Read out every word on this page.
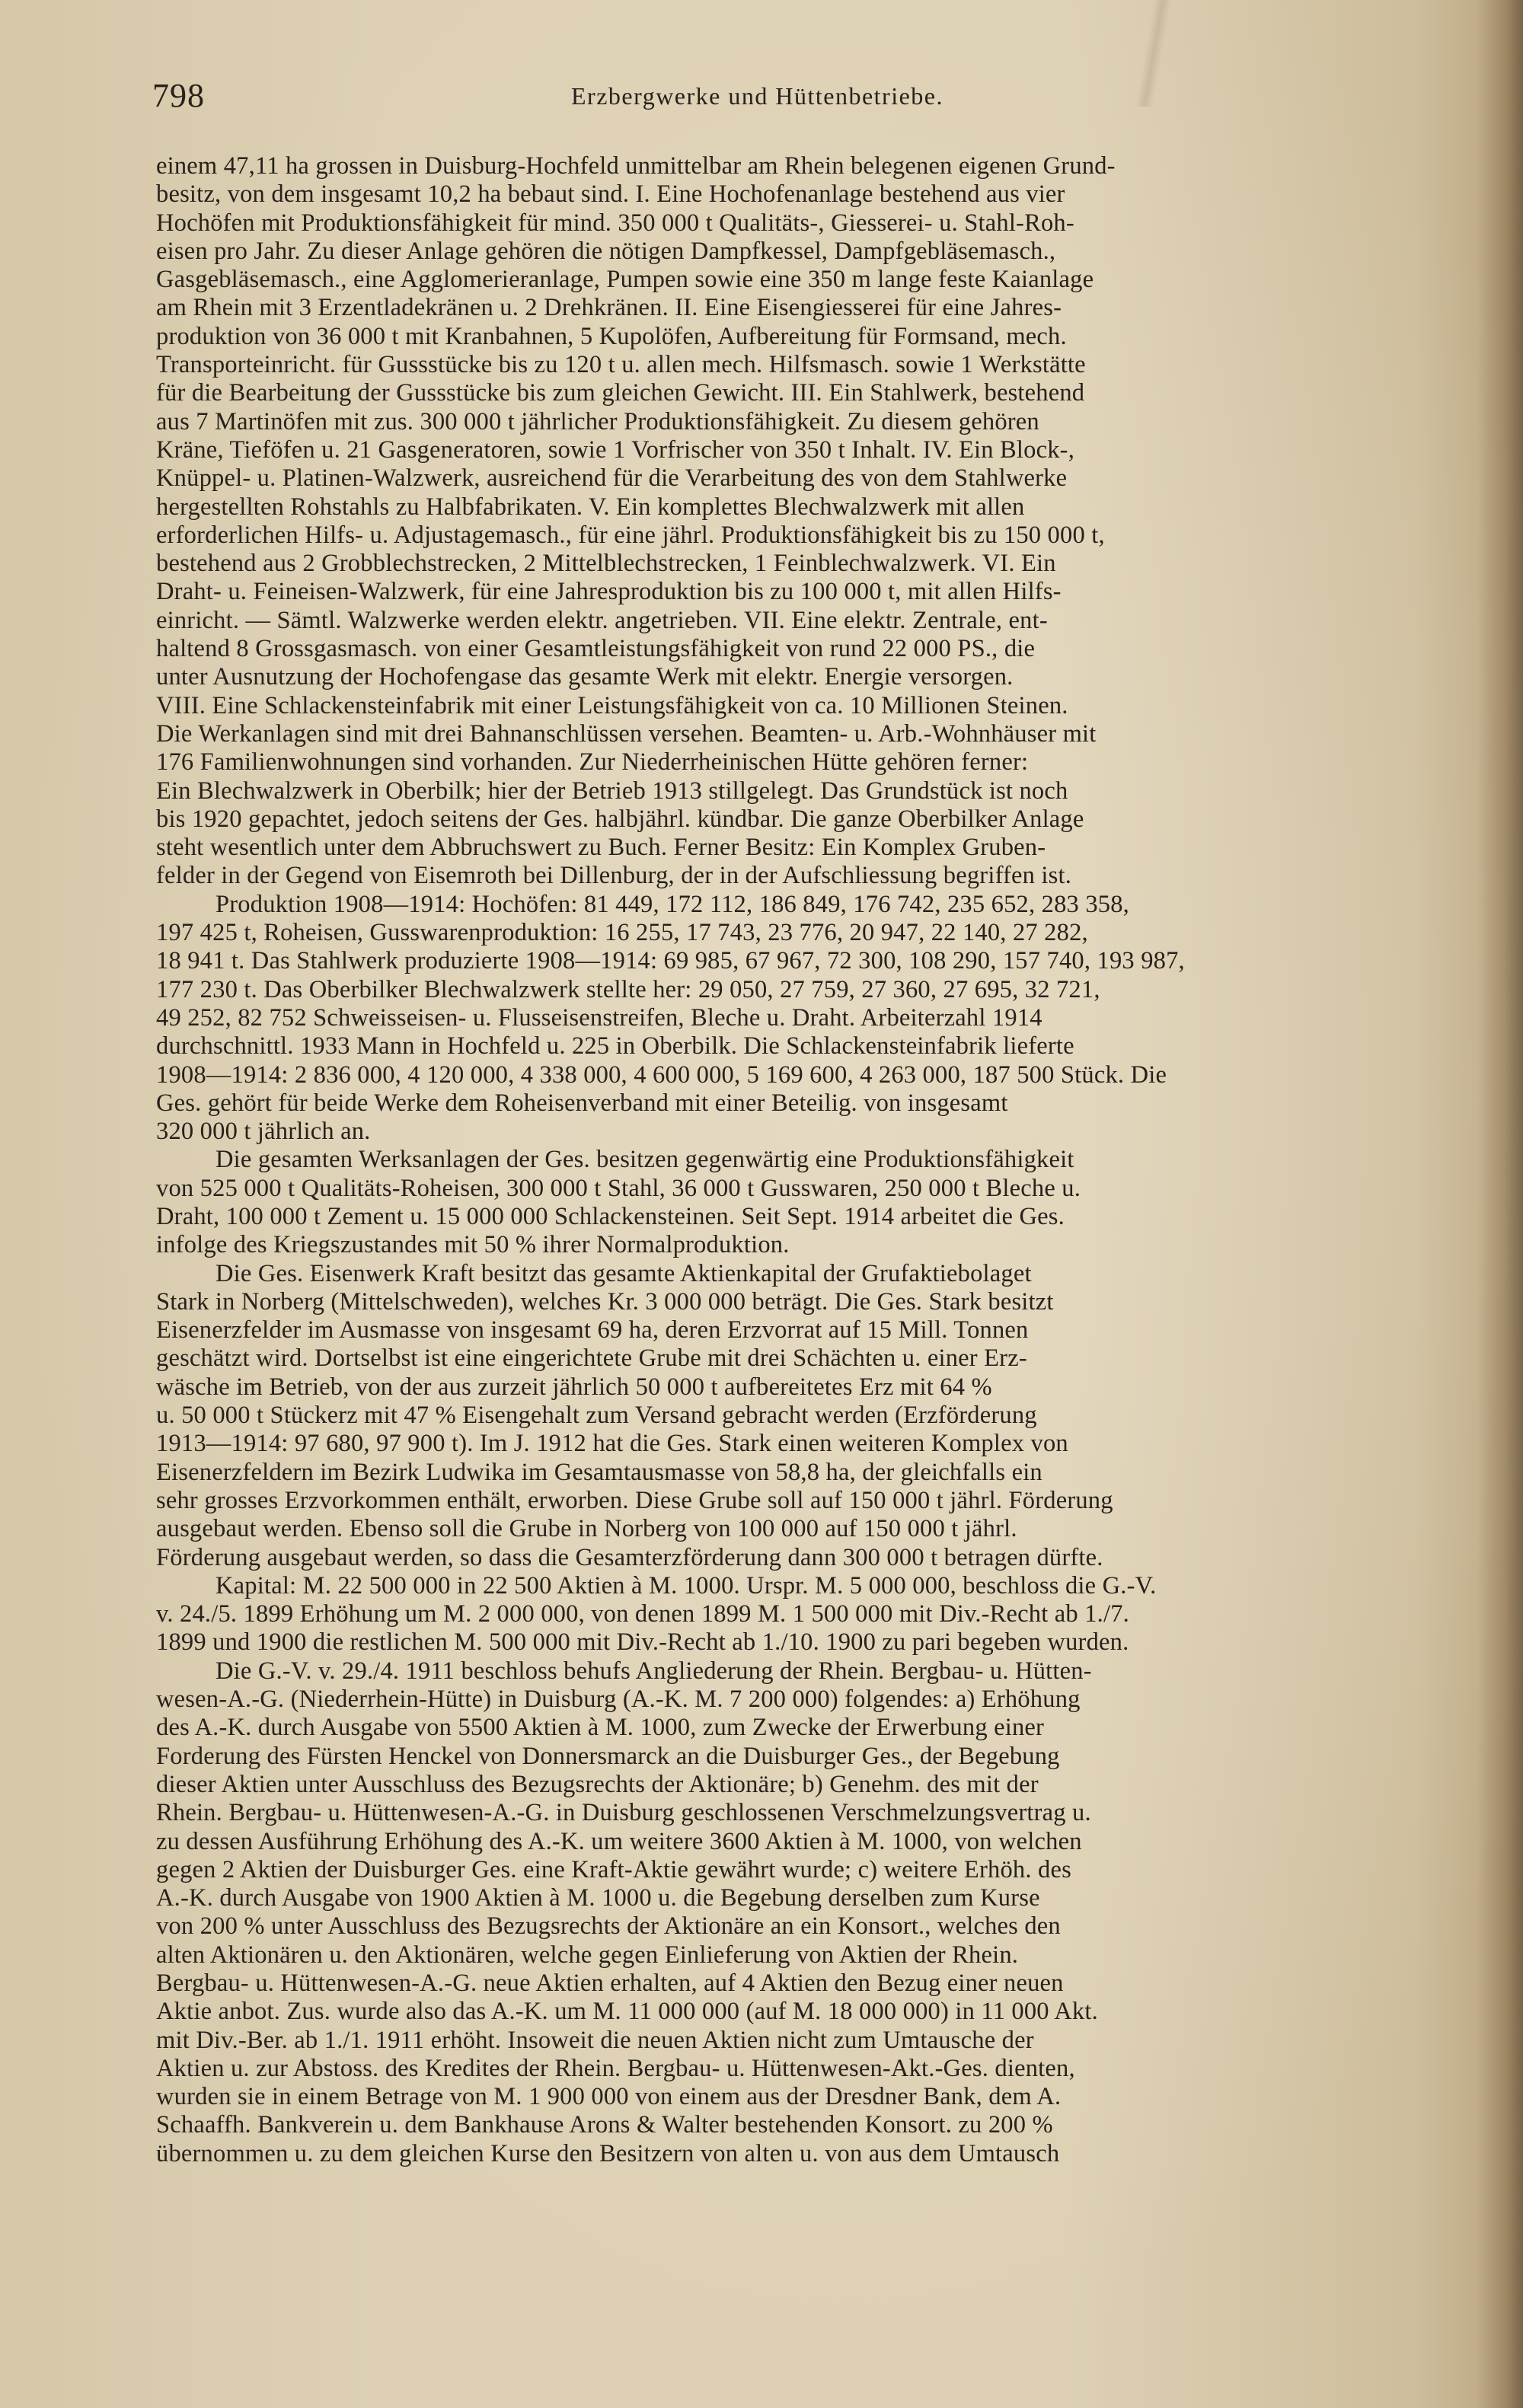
798	Erzbergwerke und Hüttenbetriebe.
einem 47,11 ha grossen in Duisburg-Hochfeld unmittelbar am Rhein belegenen eigenen Grund-
besitz, von dem insgesamt 10,2 ha bebaut sind. I. Eine Hochofenanlage bestehend aus vier
Hochöfen mit Produktionsfähigkeit für mind. 350 000 t Qualitäts-, Giesserei- u. Stahl-Roh-
eisen pro Jahr. Zu dieser Anlage gehören die nötigen Dampfkessel, Dampfgebläsemasch.,
Gasgebläsemasch., eine Agglomerieranlage, Pumpen sowie eine 350 m lange feste Kaianlage
am Rhein mit 3 Erzentladekränen u. 2 Drehkränen. II. Eine Eisengiesserei für eine Jahres-
produktion von 36 000 t mit Kranbahnen, 5 Kupolöfen, Aufbereitung für Formsand, mech.
Transporteinricht. für Gussstücke bis zu 120 t u. allen mech. Hilfsmasch. sowie 1 Werkstätte
für die Bearbeitung der Gussstücke bis zum gleichen Gewicht. III. Ein Stahlwerk, bestehend
aus 7 Martinöfen mit zus. 300 000 t jährlicher Produktionsfähigkeit. Zu diesem gehören
Kräne, Tieföfen u. 21 Gasgeneratoren, sowie 1 Vorfrischer von 350 t Inhalt. IV. Ein Block-,
Knüppel- u. Platinen-Walzwerk, ausreichend für die Verarbeitung des von dem Stahlwerke
hergestellten Rohstahls zu Halbfabrikaten. V. Ein komplettes Blechwalzwerk mit allen
erforderlichen Hilfs- u. Adjustagemasch., für eine jährl. Produktionsfähigkeit bis zu 150 000 t,
bestehend aus 2 Grobblechstrecken, 2 Mittelblechstrecken, 1 Feinblechwalzwerk. VI. Ein
Draht- u. Feineisen-Walzwerk, für eine Jahresproduktion bis zu 100 000 t, mit allen Hilfs-
einricht. — Sämtl. Walzwerke werden elektr. angetrieben. VII. Eine elektr. Zentrale, ent-
haltend 8 Grossgasmasch. von einer Gesamtleistungsfähigkeit von rund 22 000 PS., die
unter Ausnutzung der Hochofengase das gesamte Werk mit elektr. Energie versorgen.
VIII. Eine Schlackensteinfabrik mit einer Leistungsfähigkeit von ca. 10 Millionen Steinen.
Die Werkanlagen sind mit drei Bahnanschlüssen versehen. Beamten- u. Arb.-Wohnhäuser mit
176 Familienwohnungen sind vorhanden. Zur Niederrheinischen Hütte gehören ferner:
Ein Blechwalzwerk in Oberbilk; hier der Betrieb 1913 stillgelegt. Das Grundstück ist noch
bis 1920 gepachtet, jedoch seitens der Ges. halbjährl. kündbar. Die ganze Oberbilker Anlage
steht wesentlich unter dem Abbruchswert zu Buch. Ferner Besitz: Ein Komplex Gruben-
felder in der Gegend von Eisemroth bei Dillenburg, der in der Aufschliessung begriffen ist.
Produktion 1908—1914: Hochöfen: 81 449, 172 112, 186 849, 176 742, 235 652, 283 358,
197 425 t, Roheisen, Gusswarenproduktion: 16 255, 17 743, 23 776, 20 947, 22 140, 27 282,
18 941 t. Das Stahlwerk produzierte 1908—1914: 69 985, 67 967, 72 300, 108 290, 157 740, 193 987,
177 230 t. Das Oberbilker Blechwalzwerk stellte her: 29 050, 27 759, 27 360, 27 695, 32 721,
49 252, 82 752 Schweisseisen- u. Flusseisenstreifen, Bleche u. Draht. Arbeiterzahl 1914
durchschnittl. 1933 Mann in Hochfeld u. 225 in Oberbilk. Die Schlackensteinfabrik lieferte
1908—1914: 2 836 000, 4 120 000, 4 338 000, 4 600 000, 5 169 600, 4 263 000, 187 500 Stück. Die
Ges. gehört für beide Werke dem Roheisenverband mit einer Beteilig. von insgesamt
320 000 t jährlich an.
Die gesamten Werksanlagen der Ges. besitzen gegenwärtig eine Produktionsfähigkeit
von 525 000 t Qualitäts-Roheisen, 300 000 t Stahl, 36 000 t Gusswaren, 250 000 t Bleche u.
Draht, 100 000 t Zement u. 15 000 000 Schlackensteinen. Seit Sept. 1914 arbeitet die Ges.
infolge des Kriegszustandes mit 50 % ihrer Normalproduktion.
Die Ges. Eisenwerk Kraft besitzt das gesamte Aktienkapital der Grufaktiebolaget
Stark in Norberg (Mittelschweden), welches Kr. 3 000 000 beträgt. Die Ges. Stark besitzt
Eisenerzfelder im Ausmasse von insgesamt 69 ha, deren Erzvorrat auf 15 Mill. Tonnen
geschätzt wird. Dortselbst ist eine eingerichtete Grube mit drei Schächten u. einer Erz-
wäsche im Betrieb, von der aus zurzeit jährlich 50 000 t aufbereitetes Erz mit 64 %
u. 50 000 t Stückerz mit 47 % Eisengehalt zum Versand gebracht werden (Erzförderung
1913—1914: 97 680, 97 900 t). Im J. 1912 hat die Ges. Stark einen weiteren Komplex von
Eisenerzfeldern im Bezirk Ludwika im Gesamtausmasse von 58,8 ha, der gleichfalls ein
sehr grosses Erzvorkommen enthält, erworben. Diese Grube soll auf 150 000 t jährl. Förderung
ausgebaut werden. Ebenso soll die Grube in Norberg von 100 000 auf 150 000 t jährl.
Förderung ausgebaut werden, so dass die Gesamterzförderung dann 300 000 t betragen dürfte.
Kapital: M. 22 500 000 in 22 500 Aktien à M. 1000. Urspr. M. 5 000 000, beschloss die G.-V.
v. 24./5. 1899 Erhöhung um M. 2 000 000, von denen 1899 M. 1 500 000 mit Div.-Recht ab 1./7.
1899 und 1900 die restlichen M. 500 000 mit Div.-Recht ab 1./10. 1900 zu pari begeben wurden.
Die G.-V. v. 29./4. 1911 beschloss behufs Angliederung der Rhein. Bergbau- u. Hütten-
wesen-A.-G. (Niederrhein-Hütte) in Duisburg (A.-K. M. 7 200 000) folgendes: a) Erhöhung
des A.-K. durch Ausgabe von 5500 Aktien à M. 1000, zum Zwecke der Erwerbung einer
Forderung des Fürsten Henckel von Donnersmarck an die Duisburger Ges., der Begebung
dieser Aktien unter Ausschluss des Bezugsrechts der Aktionäre; b) Genehm. des mit der
Rhein. Bergbau- u. Hüttenwesen-A.-G. in Duisburg geschlossenen Verschmelzungsvertrag u.
zu dessen Ausführung Erhöhung des A.-K. um weitere 3600 Aktien à M. 1000, von welchen
gegen 2 Aktien der Duisburger Ges. eine Kraft-Aktie gewährt wurde; c) weitere Erhöh. des
A.-K. durch Ausgabe von 1900 Aktien à M. 1000 u. die Begebung derselben zum Kurse
von 200 % unter Ausschluss des Bezugsrechts der Aktionäre an ein Konsort., welches den
alten Aktionären u. den Aktionären, welche gegen Einlieferung von Aktien der Rhein.
Bergbau- u. Hüttenwesen-A.-G. neue Aktien erhalten, auf 4 Aktien den Bezug einer neuen
Aktie anbot. Zus. wurde also das A.-K. um M. 11 000 000 (auf M. 18 000 000) in 11 000 Akt.
mit Div.-Ber. ab 1./1. 1911 erhöht. Insoweit die neuen Aktien nicht zum Umtausche der
Aktien u. zur Abstoss. des Kredites der Rhein. Bergbau- u. Hüttenwesen-Akt.-Ges. dienten,
wurden sie in einem Betrage von M. 1 900 000 von einem aus der Dresdner Bank, dem A.
Schaaffh. Bankverein u. dem Bankhause Arons & Walter bestehenden Konsort. zu 200 %
übernommen u. zu dem gleichen Kurse den Besitzern von alten u. von aus dem Umtausch
